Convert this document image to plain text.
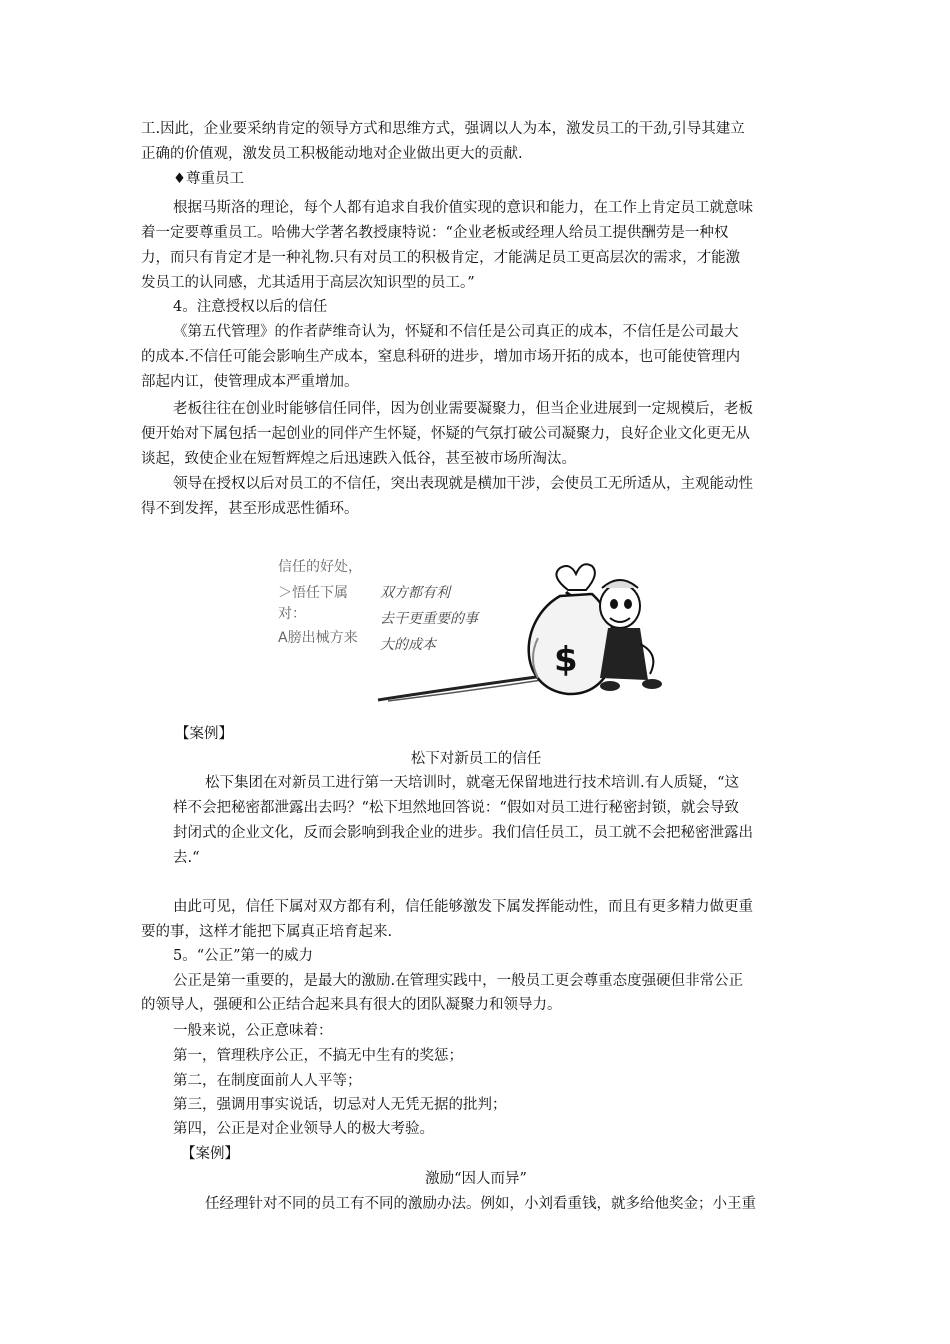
工.因此，企业要采纳肯定的领导方式和思维方式，强调以人为本，激发员工的干劲,引导其建立

正确的价值观，激发员工积极能动地对企业做出更大的贡献.

♦尊重员工

根据马斯洛的理论，每个人都有追求自我价值实现的意识和能力，在工作上肯定员工就意味

着一定要尊重员工。哈佛大学著名教授康特说：“企业老板或经理人给员工提供酬劳是一种权

力，而只有肯定才是一种礼物.只有对员工的积极肯定，才能满足员工更高层次的需求，才能激

发员工的认同感，尤其适用于高层次知识型的员工。”

4。注意授权以后的信任

《第五代管理》的作者萨维奇认为，怀疑和不信任是公司真正的成本，不信任是公司最大

的成本.不信任可能会影响生产成本，窒息科研的进步，增加市场开拓的成本，也可能使管理内

部起内讧，使管理成本严重增加。

老板往往在创业时能够信任同伴，因为创业需要凝聚力，但当企业进展到一定规模后，老板

便开始对下属包括一起创业的同伴产生怀疑，怀疑的气氛打破公司凝聚力，良好企业文化更无从

谈起，致使企业在短暂辉煌之后迅速跌入低谷，甚至被市场所淘汰。

领导在授权以后对员工的不信任，突出表现就是横加干涉，会使员工无所适从，主观能动性

得不到发挥，甚至形成恶性循环。

信任的好处，

＞悟任下属

对：

A膀出械方来

双方都有利

去干更重要的事

大的成本	$

【案例】

松下对新员工的信任

松下集团在对新员工进行第一天培训时，就毫无保留地进行技术培训.有人质疑，“这

样不会把秘密都泄露出去吗？“松下坦然地回答说：“假如对员工进行秘密封锁，就会导致

封闭式的企业文化，反而会影响到我企业的进步。我们信任员工，员工就不会把秘密泄露出

去.“

由此可见，信任下属对双方都有利，信任能够激发下属发挥能动性，而且有更多精力做更重

要的事，这样才能把下属真正培育起来.

5。“公正”第一的威力

公正是第一重要的，是最大的激励.在管理实践中，一般员工更会尊重态度强硬但非常公正

的领导人，强硬和公正结合起来具有很大的团队凝聚力和领导力。

一般来说，公正意味着：

第一，管理秩序公正，不搞无中生有的奖惩；

第二，在制度面前人人平等；

第三，强调用事实说话，切忌对人无凭无据的批判；

第四，公正是对企业领导人的极大考验。

【案例】

激励“因人而异”

任经理针对不同的员工有不同的激励办法。例如，小刘看重钱，就多给他奖金；小王重
